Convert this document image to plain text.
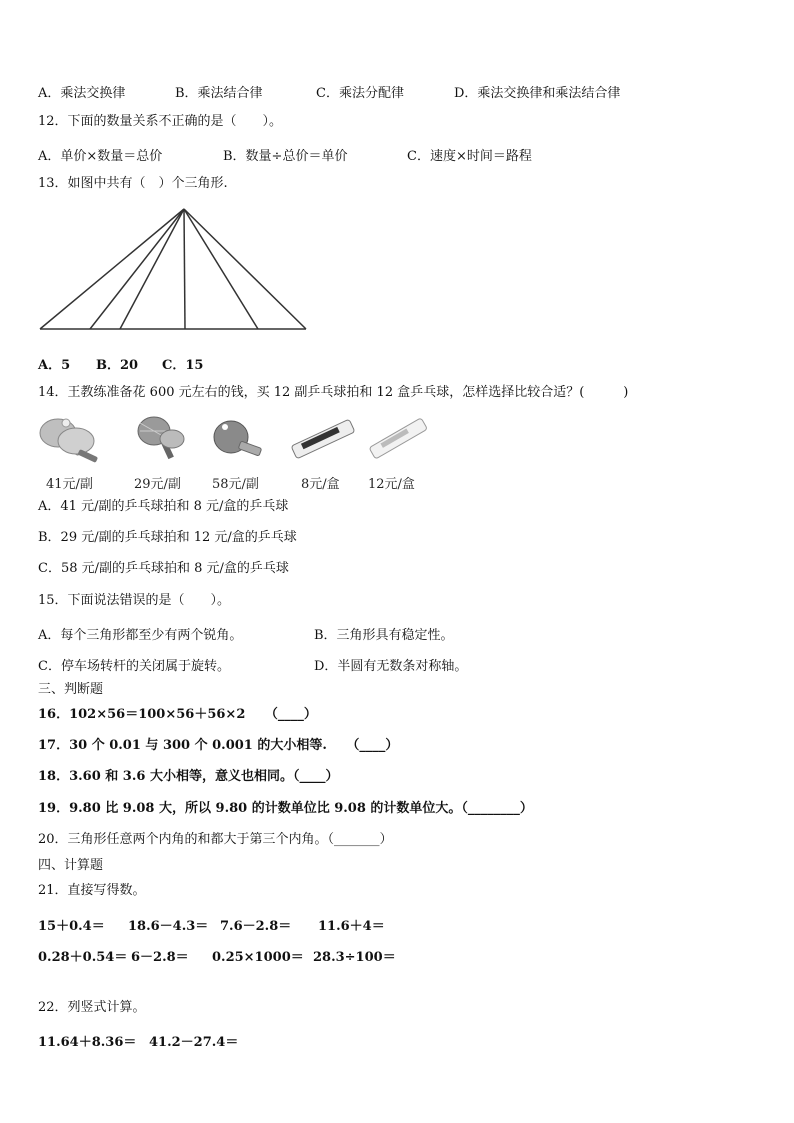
A．乘法交换律	B．乘法结合律	C．乘法分配律	D．乘法交换律和乘法结合律
12．下面的数量关系不正确的是（　　）。
A．单价×数量＝总价	B．数量÷总价＝单价	C．速度×时间＝路程
13．如图中共有（　）个三角形.
A．5 B．20 C．15
14．王教练准备花 600 元左右的钱，买 12 副乒乓球拍和 12 盒乒乓球，怎样选择比较合适？(　　　)
41元/副	29元/副 58元/副	8元/盒 12元/盒
A．41 元/副的乒乓球拍和 8 元/盒的乒乓球
B．29 元/副的乒乓球拍和 12 元/盒的乒乓球
C．58 元/副的乒乓球拍和 8 元/盒的乒乓球
15．下面说法错误的是（　　）。
A．每个三角形都至少有两个锐角。	B．三角形具有稳定性。
C．停车场转杆的关闭属于旋转。	D．半圆有无数条对称轴。
三、判断题
16．102×56＝100×56＋56×2　　（____）
17．30 个 0.01 与 300 个 0.001 的大小相等.　　（____）
18．3.60 和 3.6 大小相等，意义也相同。（____）
19．9.80 比 9.08 大，所以 9.80 的计数单位比 9.08 的计数单位大。（________）
20．三角形任意两个内角的和都大于第三个内角。（_______）
四、计算题
21．直接写得数。
15＋0.4＝ 18.6－4.3＝ 7.6－2.8＝ 11.6＋4＝
0.28＋0.54＝ 6－2.8＝ 0.25×1000＝ 28.3÷100＝
22．列竖式计算。
11.64＋8.36＝ 41.2－27.4＝
